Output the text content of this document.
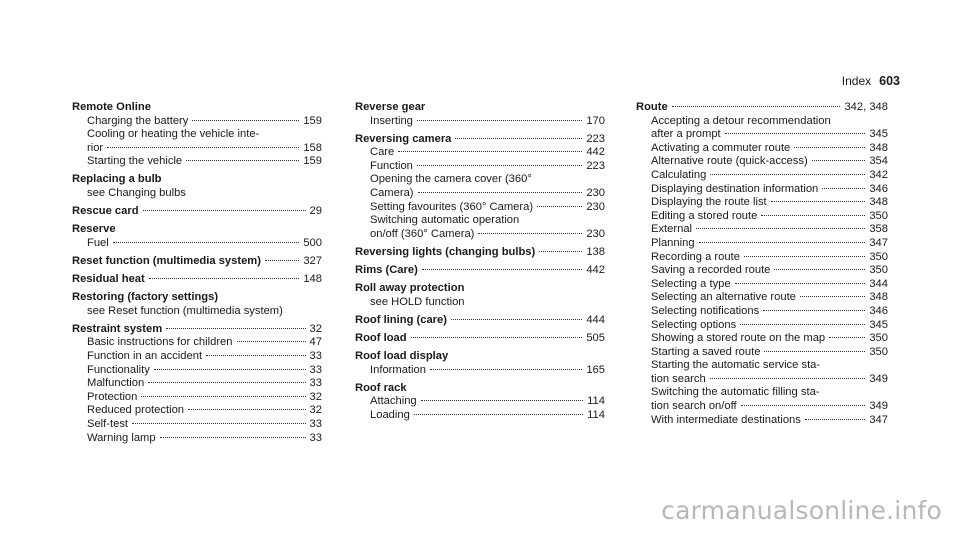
Index 603
Remote Online
Charging the battery	159
Cooling or heating the vehicle inte-
rior	158
Starting the vehicle	159
Replacing a bulb
see Changing bulbs
Rescue card	29
Reserve
Fuel	500
Reset function (multimedia system)	327
Residual heat	148
Restoring (factory settings)
see Reset function (multimedia system)
Restraint system	32
Basic instructions for children	47
Function in an accident	33
Functionality	33
Malfunction	33
Protection	32
Reduced protection	32
Self-test	33
Warning lamp	33
Reverse gear
Inserting	170
Reversing camera	223
Care	442
Function	223
Opening the camera cover (360°
Camera)	230
Setting favourites (360° Camera)	230
Switching automatic operation
on/off (360° Camera)	230
Reversing lights (changing bulbs)	138
Rims (Care)	442
Roll away protection
see HOLD function
Roof lining (care)	444
Roof load	505
Roof load display
Information	165
Roof rack
Attaching	114
Loading	114
Route	342, 348
Accepting a detour recommendation
after a prompt	345
Activating a commuter route	348
Alternative route (quick-access)	354
Calculating	342
Displaying destination information	346
Displaying the route list	348
Editing a stored route	350
External	358
Planning	347
Recording a route	350
Saving a recorded route	350
Selecting a type	344
Selecting an alternative route	348
Selecting notifications	346
Selecting options	345
Showing a stored route on the map	350
Starting a saved route	350
Starting the automatic service sta-
tion search	349
Switching the automatic filling sta-
tion search on/off	349
With intermediate destinations	347
carmanualsonline.info
